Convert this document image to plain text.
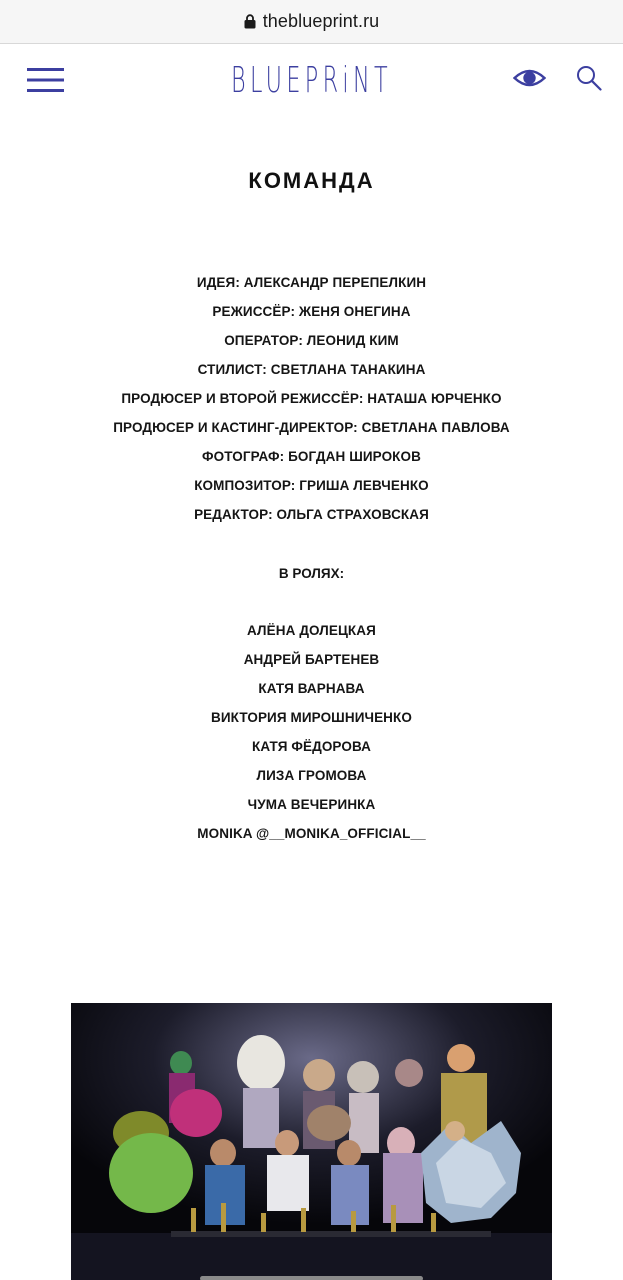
theblueprint.ru
BLUEPRiNT
КОМАНДА
ИДЕЯ: АЛЕКСАНДР ПЕРЕПЕЛКИН
РЕЖИССЁР: ЖЕНЯ ОНЕГИНА
ОПЕРАТОР: ЛЕОНИД КИМ
СТИЛИСТ: СВЕТЛАНА ТАНАКИНА
ПРОДЮСЕР И ВТОРОЙ РЕЖИССЁР: НАТАША ЮРЧЕНКО
ПРОДЮСЕР И КАСТИНГ-ДИРЕКТОР: СВЕТЛАНА ПАВЛОВА
ФОТОГРАФ: БОГДАН ШИРОКОВ
КОМПОЗИТОР: ГРИША ЛЕВЧЕНКО
РЕДАКТОР: ОЛЬГА СТРАХОВСКАЯ
В РОЛЯХ:
АЛЁНА ДОЛЕЦКАЯ
АНДРЕЙ БАРТЕНЕВ
КАТЯ ВАРНАВА
ВИКТОРИЯ МИРОШНИЧЕНКО
КАТЯ ФЁДОРОВА
ЛИЗА ГРОМОВА
ЧУМА ВЕЧЕРИНКА
MONIKA @__MONIKA_OFFICIAL__
